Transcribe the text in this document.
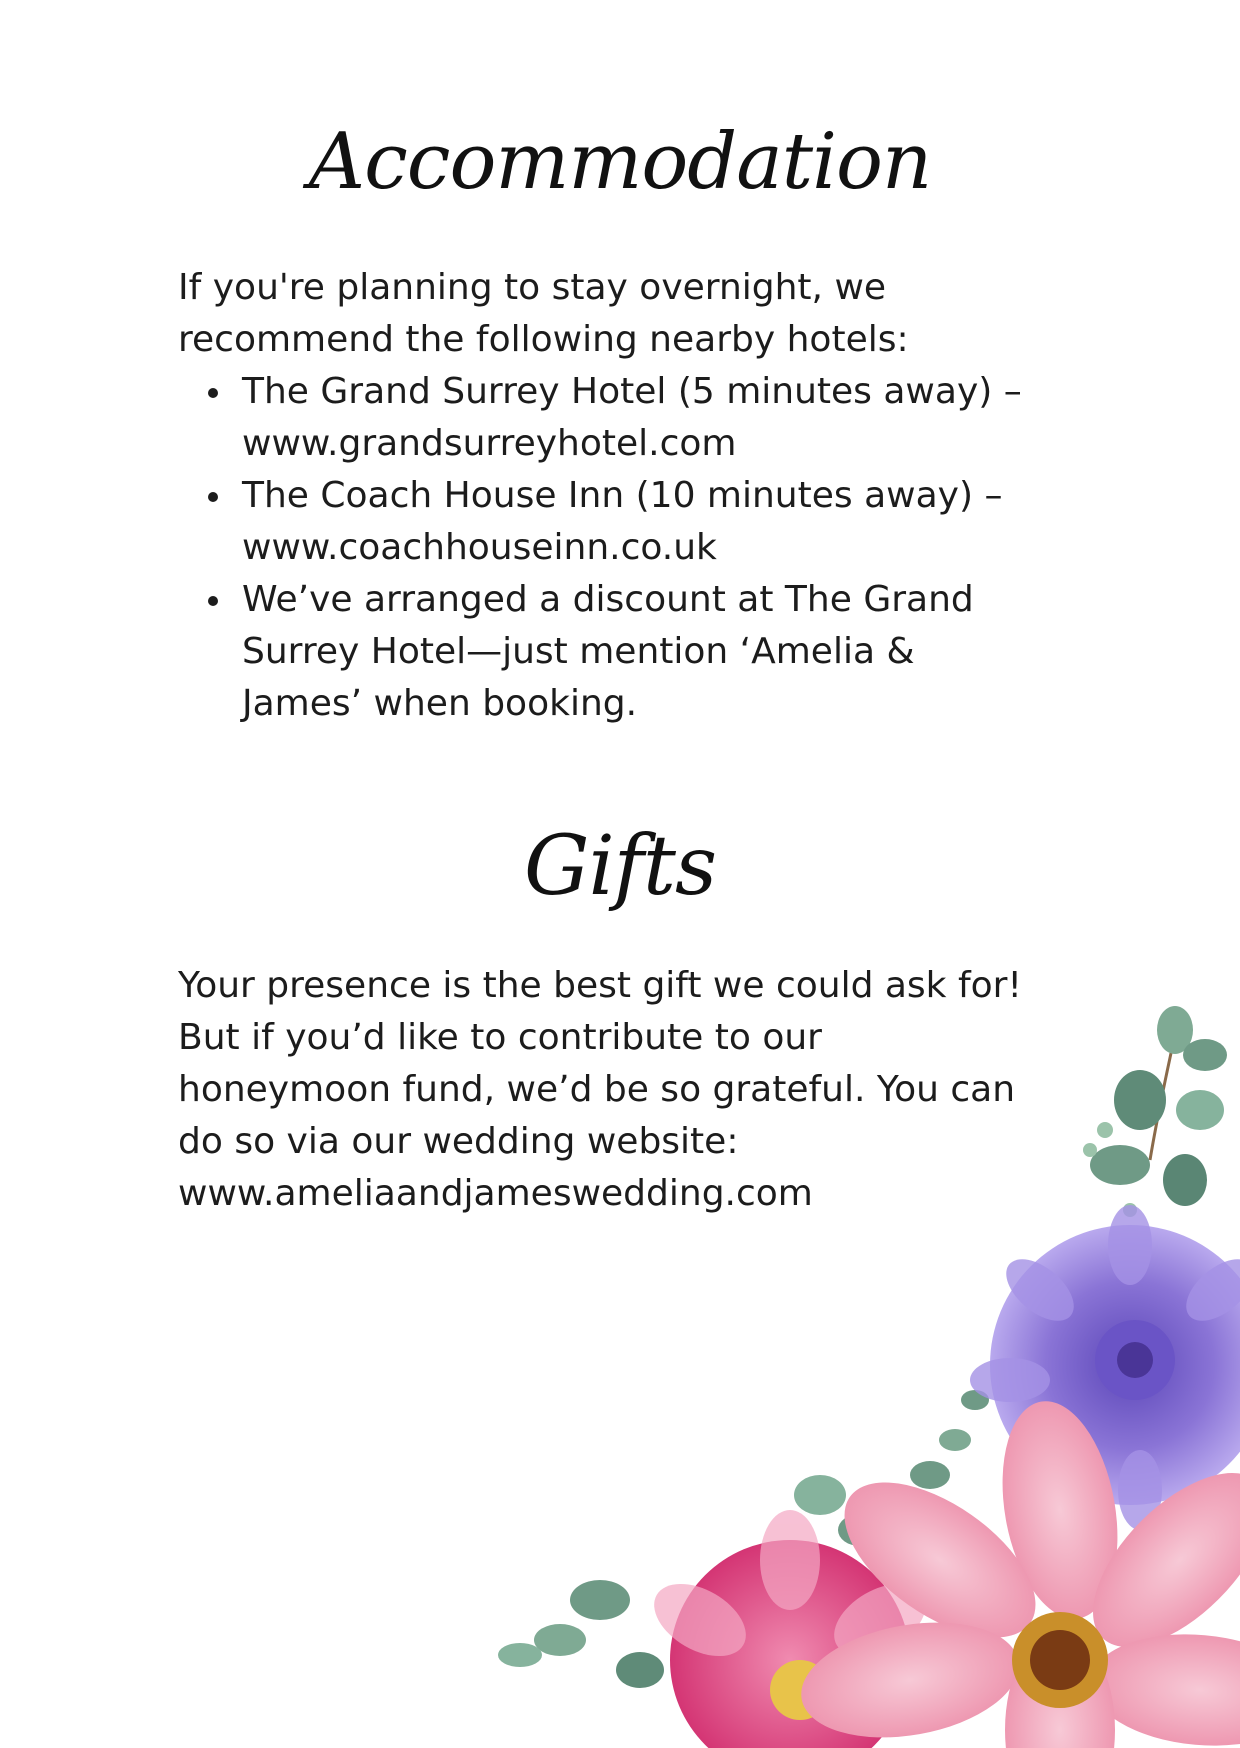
Accommodation

If you're planning to stay overnight, we
recommend the following nearby hotels:

The Grand Surrey Hotel (5 minutes away) –
www.grandsurreyhotel.com
The Coach House Inn (10 minutes away) –
www.coachhouseinn.co.uk
We’ve arranged a discount at The Grand
Surrey Hotel—just mention ‘Amelia &
James’ when booking.
Gifts

Your presence is the best gift we could ask for!
But if you’d like to contribute to our
honeymoon fund, we’d be so grateful. You can
do so via our wedding website:
www.ameliaandjameswedding.com
